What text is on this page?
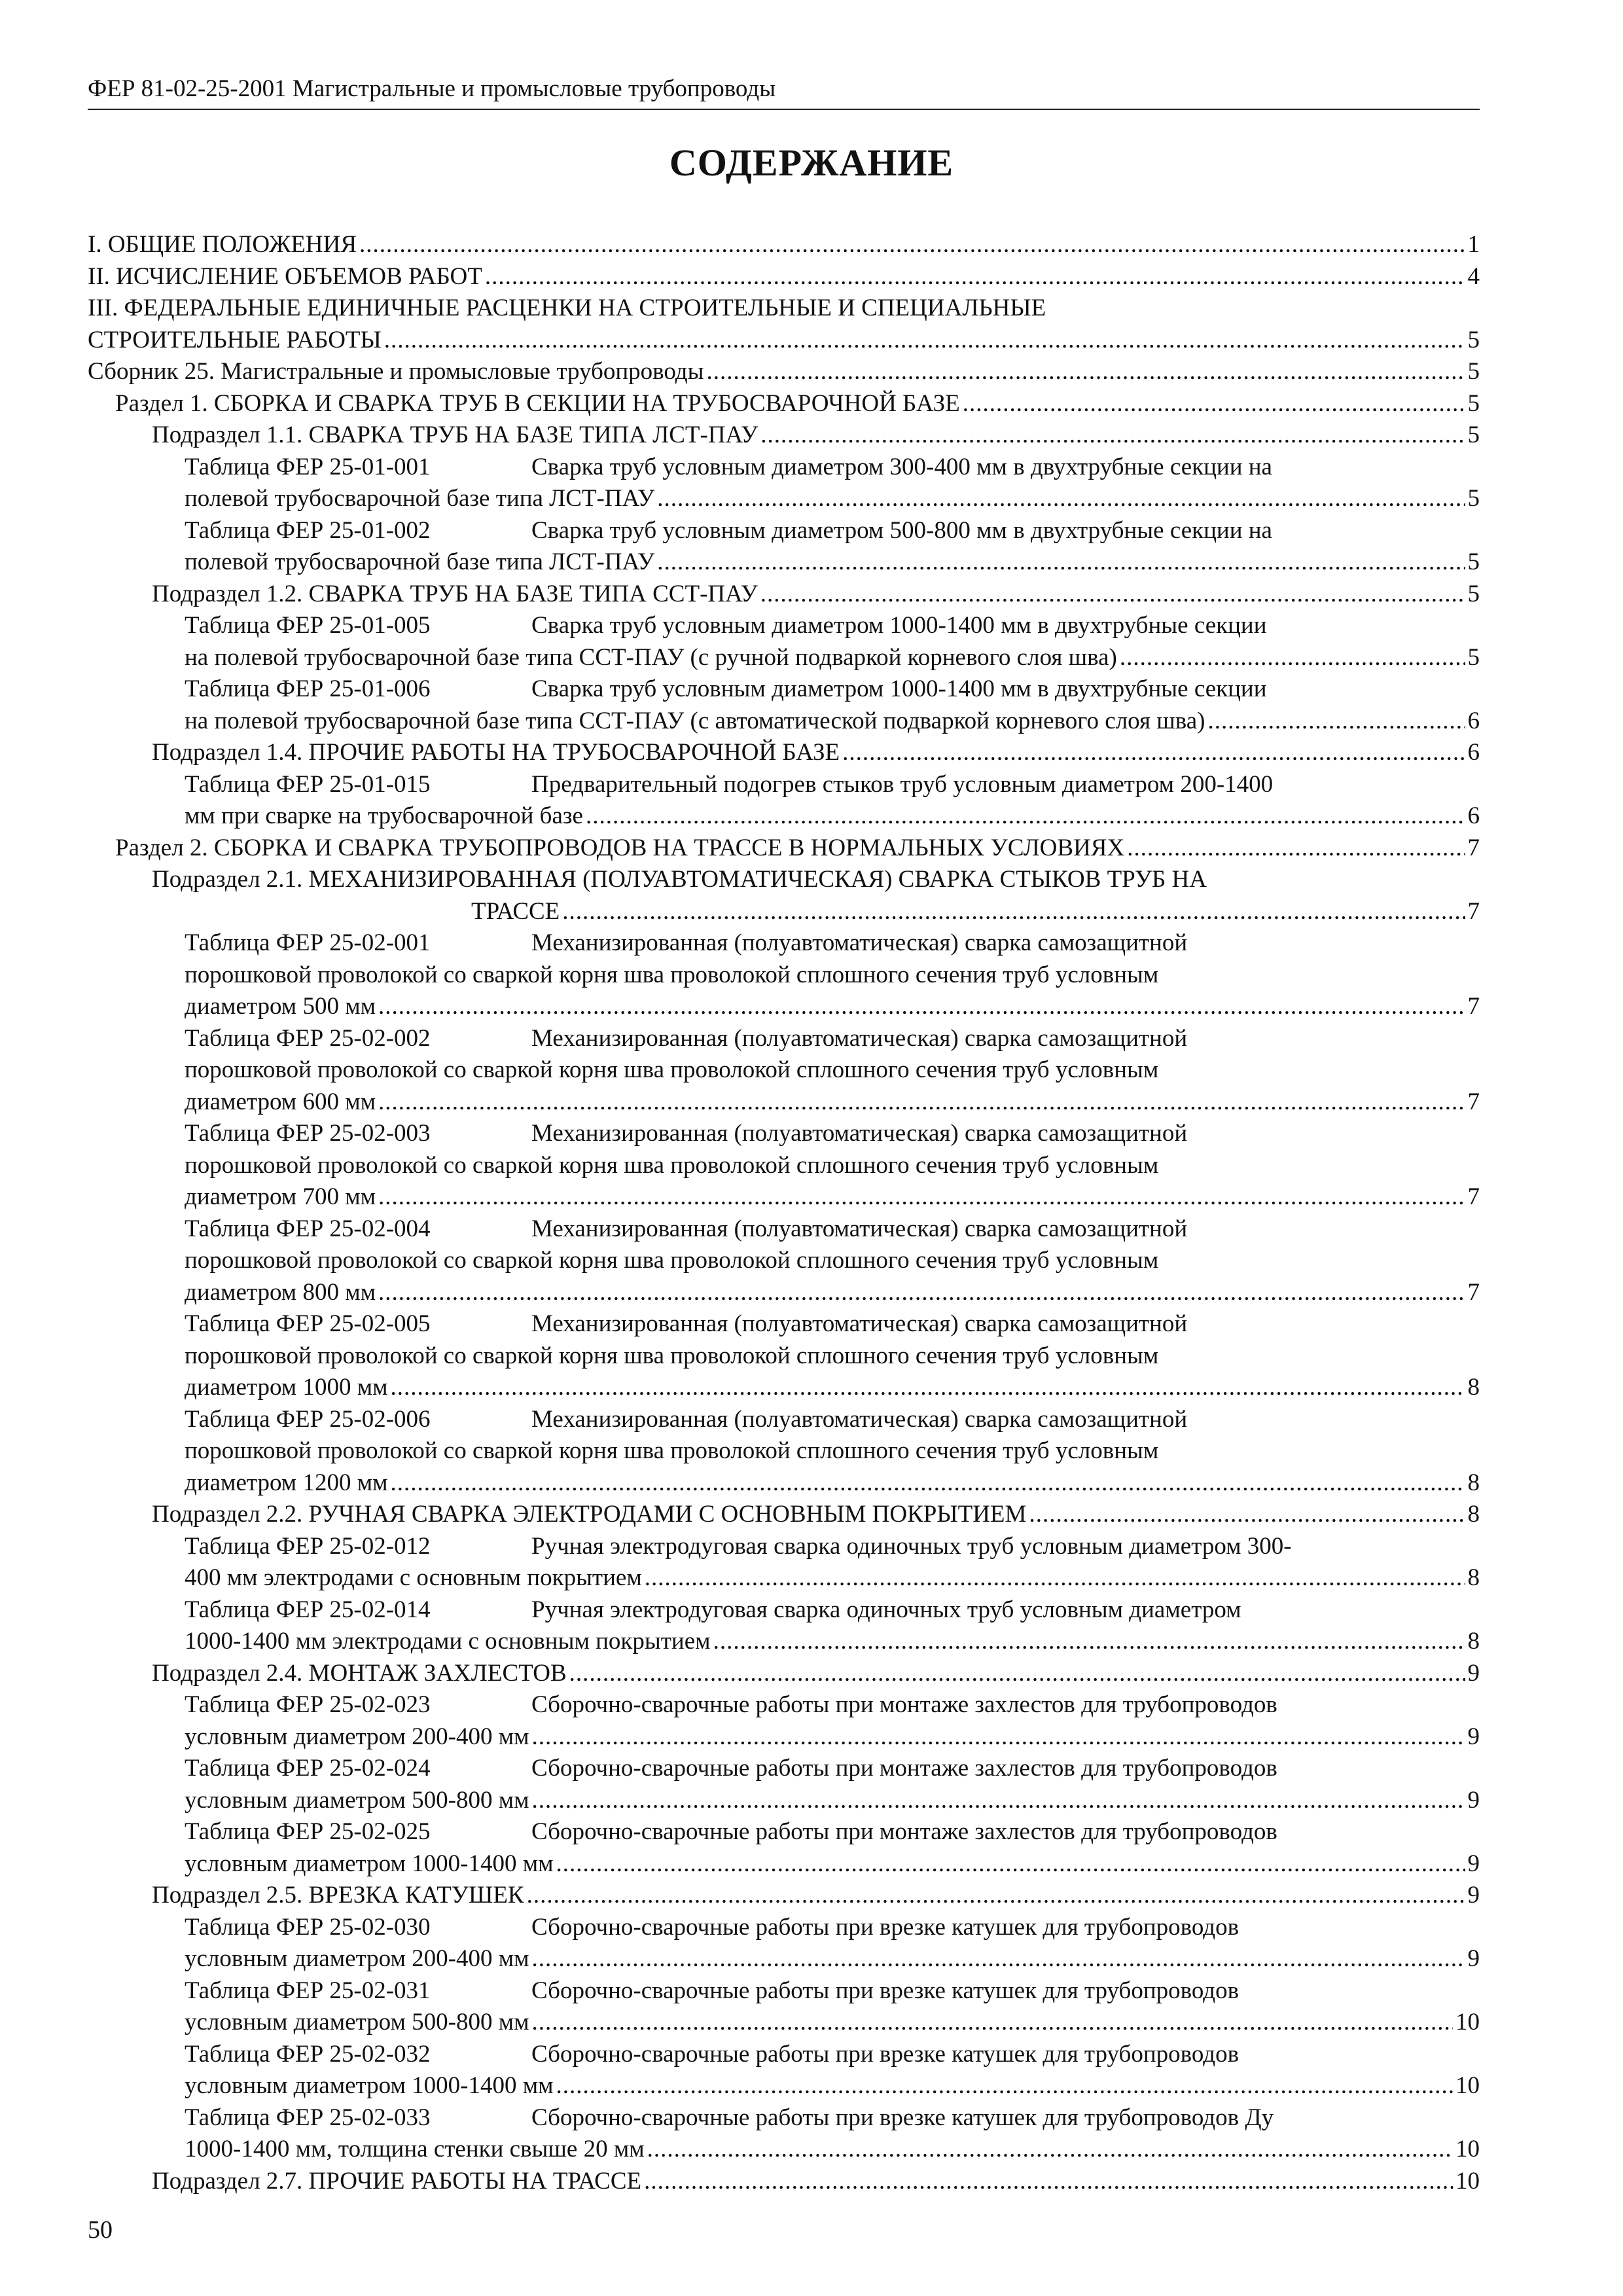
ФЕР 81-02-25-2001 Магистральные и промысловые трубопроводы
СОДЕРЖАНИЕ
I. ОБЩИЕ ПОЛОЖЕНИЯ .....	1
II. ИСЧИСЛЕНИЕ ОБЪЕМОВ РАБОТ .....	4
III. ФЕДЕРАЛЬНЫЕ ЕДИНИЧНЫЕ РАСЦЕНКИ НА СТРОИТЕЛЬНЫЕ И СПЕЦИАЛЬНЫЕ
СТРОИТЕЛЬНЫЕ РАБОТЫ .....	5
Сборник 25. Магистральные и промысловые трубопроводы .....	5
Раздел 1. СБОРКА И СВАРКА ТРУБ В СЕКЦИИ НА ТРУБОСВАРОЧНОЙ БАЗЕ .....	5
Подраздел 1.1. СВАРКА ТРУБ НА БАЗЕ ТИПА ЛСТ-ПАУ .....	5
Таблица ФЕР 25-01-001	Сварка труб условным диаметром 300-400 мм в двухтрубные секции на
полевой трубосварочной базе типа ЛСТ-ПАУ .....	5
Таблица ФЕР 25-01-002	Сварка труб условным диаметром 500-800 мм в двухтрубные секции на
полевой трубосварочной базе типа ЛСТ-ПАУ .....	5
Подраздел 1.2. СВАРКА ТРУБ НА БАЗЕ ТИПА ССТ-ПАУ .....	5
Таблица ФЕР 25-01-005	Сварка труб условным диаметром 1000-1400 мм в двухтрубные секции
на полевой трубосварочной базе типа ССТ-ПАУ (с ручной подваркой корневого слоя шва) .....	5
Таблица ФЕР 25-01-006	Сварка труб условным диаметром 1000-1400 мм в двухтрубные секции
на полевой трубосварочной базе типа ССТ-ПАУ (с автоматической подваркой корневого слоя шва) .....	6
Подраздел 1.4. ПРОЧИЕ РАБОТЫ НА ТРУБОСВАРОЧНОЙ БАЗЕ .....	6
Таблица ФЕР 25-01-015	Предварительный подогрев стыков труб условным диаметром 200-1400
мм при сварке на трубосварочной базе .....	6
Раздел 2. СБОРКА И СВАРКА ТРУБОПРОВОДОВ НА ТРАССЕ В НОРМАЛЬНЫХ УСЛОВИЯХ .....	7
Подраздел 2.1. МЕХАНИЗИРОВАННАЯ (ПОЛУАВТОМАТИЧЕСКАЯ) СВАРКА СТЫКОВ ТРУБ НА
ТРАССЕ .....	7
Таблица ФЕР 25-02-001	Механизированная (полуавтоматическая) сварка самозащитной
порошковой проволокой со сваркой корня шва проволокой сплошного сечения труб условным
диаметром 500 мм .....	7
Таблица ФЕР 25-02-002	Механизированная (полуавтоматическая) сварка самозащитной
порошковой проволокой со сваркой корня шва проволокой сплошного сечения труб условным
диаметром 600 мм .....	7
Таблица ФЕР 25-02-003	Механизированная (полуавтоматическая) сварка самозащитной
порошковой проволокой со сваркой корня шва проволокой сплошного сечения труб условным
диаметром 700 мм .....	7
Таблица ФЕР 25-02-004	Механизированная (полуавтоматическая) сварка самозащитной
порошковой проволокой со сваркой корня шва проволокой сплошного сечения труб условным
диаметром 800 мм .....	7
Таблица ФЕР 25-02-005	Механизированная (полуавтоматическая) сварка самозащитной
порошковой проволокой со сваркой корня шва проволокой сплошного сечения труб условным
диаметром 1000 мм .....	8
Таблица ФЕР 25-02-006	Механизированная (полуавтоматическая) сварка самозащитной
порошковой проволокой со сваркой корня шва проволокой сплошного сечения труб условным
диаметром 1200 мм .....	8
Подраздел 2.2. РУЧНАЯ СВАРКА ЭЛЕКТРОДАМИ С ОСНОВНЫМ ПОКРЫТИЕМ .....	8
Таблица ФЕР 25-02-012	Ручная электродуговая сварка одиночных труб условным диаметром 300-
400 мм электродами с основным покрытием .....	8
Таблица ФЕР 25-02-014	Ручная электродуговая сварка одиночных труб условным диаметром
1000-1400 мм электродами с основным покрытием .....	8
Подраздел 2.4. МОНТАЖ ЗАХЛЕСТОВ .....	9
Таблица ФЕР 25-02-023	Сборочно-сварочные работы при монтаже захлестов для трубопроводов
условным диаметром 200-400 мм .....	9
Таблица ФЕР 25-02-024	Сборочно-сварочные работы при монтаже захлестов для трубопроводов
условным диаметром 500-800 мм .....	9
Таблица ФЕР 25-02-025	Сборочно-сварочные работы при монтаже захлестов для трубопроводов
условным диаметром 1000-1400 мм .....	9
Подраздел 2.5. ВРЕЗКА КАТУШЕК .....	9
Таблица ФЕР 25-02-030	Сборочно-сварочные работы при врезке катушек для трубопроводов
условным диаметром 200-400 мм .....	9
Таблица ФЕР 25-02-031	Сборочно-сварочные работы при врезке катушек для трубопроводов
условным диаметром 500-800 мм .....	10
Таблица ФЕР 25-02-032	Сборочно-сварочные работы при врезке катушек для трубопроводов
условным диаметром 1000-1400 мм .....	10
Таблица ФЕР 25-02-033	Сборочно-сварочные работы при врезке катушек для трубопроводов Ду
1000-1400 мм, толщина стенки свыше 20 мм .....	10
Подраздел 2.7. ПРОЧИЕ РАБОТЫ НА ТРАССЕ .....	10
50
